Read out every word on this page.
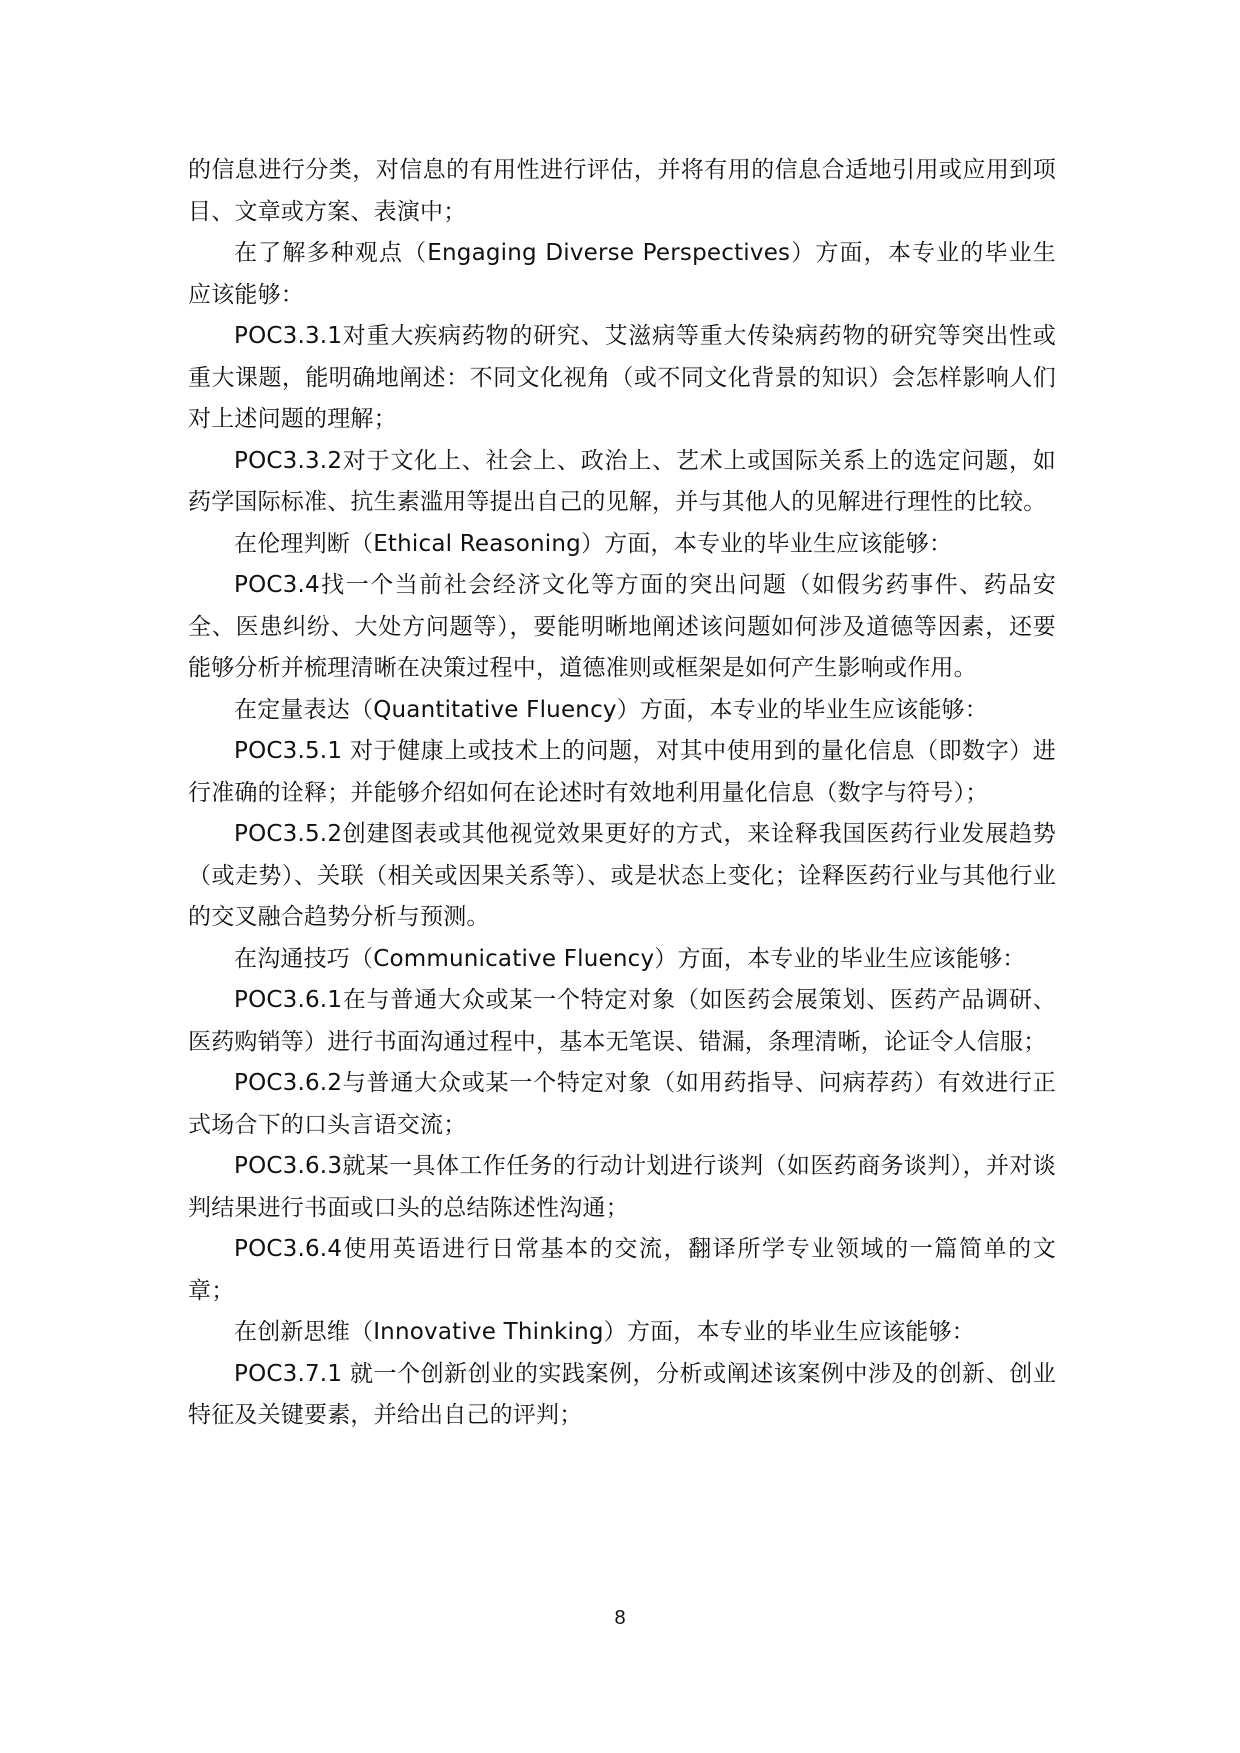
的信息进行分类，对信息的有用性进行评估，并将有用的信息合适地引用或应用到项目、文章或方案、表演中；

在了解多种观点（Engaging Diverse Perspectives）方面，本专业的毕业生应该能够：

POC3.3.1对重大疾病药物的研究、艾滋病等重大传染病药物的研究等突出性或重大课题，能明确地阐述：不同文化视角（或不同文化背景的知识）会怎样影响人们对上述问题的理解；

POC3.3.2对于文化上、社会上、政治上、艺术上或国际关系上的选定问题，如药学国际标准、抗生素滥用等提出自己的见解，并与其他人的见解进行理性的比较。

在伦理判断（Ethical Reasoning）方面，本专业的毕业生应该能够：

POC3.4找一个当前社会经济文化等方面的突出问题（如假劣药事件、药品安全、医患纠纷、大处方问题等），要能明晰地阐述该问题如何涉及道德等因素，还要能够分析并梳理清晰在决策过程中，道德准则或框架是如何产生影响或作用。

在定量表达（Quantitative Fluency）方面，本专业的毕业生应该能够：

POC3.5.1 对于健康上或技术上的问题，对其中使用到的量化信息（即数字）进行准确的诠释；并能够介绍如何在论述时有效地利用量化信息（数字与符号）；

POC3.5.2创建图表或其他视觉效果更好的方式，来诠释我国医药行业发展趋势（或走势）、关联（相关或因果关系等）、或是状态上变化；诠释医药行业与其他行业的交叉融合趋势分析与预测。

在沟通技巧（Communicative Fluency）方面，本专业的毕业生应该能够：

POC3.6.1在与普通大众或某一个特定对象（如医药会展策划、医药产品调研、医药购销等）进行书面沟通过程中，基本无笔误、错漏，条理清晰，论证令人信服；

POC3.6.2与普通大众或某一个特定对象（如用药指导、问病荐药）有效进行正式场合下的口头言语交流；

POC3.6.3就某一具体工作任务的行动计划进行谈判（如医药商务谈判），并对谈判结果进行书面或口头的总结陈述性沟通；

POC3.6.4使用英语进行日常基本的交流，翻译所学专业领域的一篇简单的文章；

在创新思维（Innovative Thinking）方面，本专业的毕业生应该能够：

POC3.7.1 就一个创新创业的实践案例，分析或阐述该案例中涉及的创新、创业特征及关键要素，并给出自己的评判；

8
